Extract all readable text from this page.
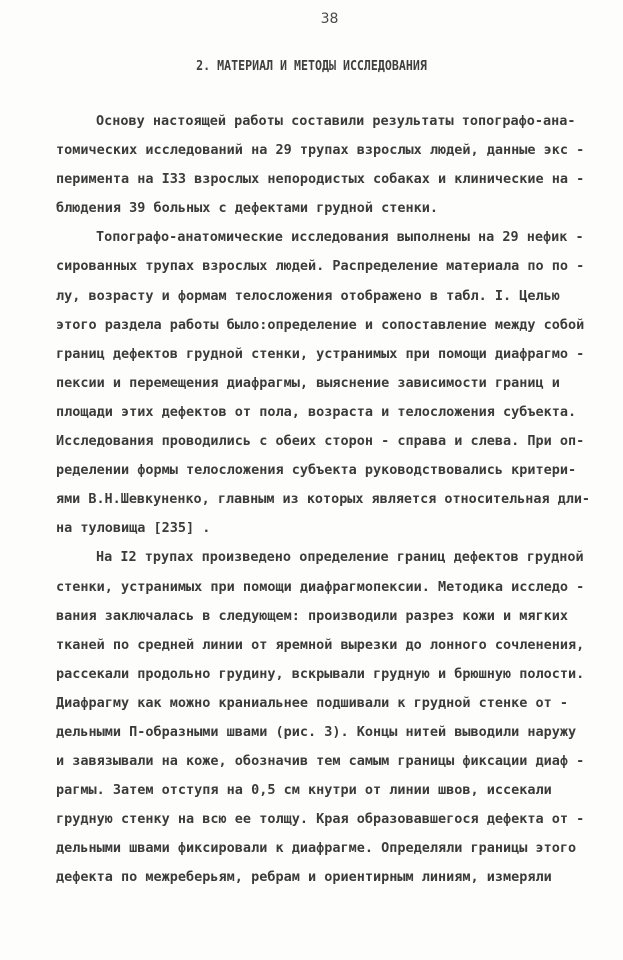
38
2. МАТЕРИАЛ И МЕТОДЫ ИССЛЕДОВАНИЯ
Основу настоящей работы составили результаты топографо-ана-
томических исследований на 29 трупах взрослых людей, данные экс -
перимента на I33 взрослых непородистых собаках и клинические на -
блюдения 39 больных с дефектами грудной стенки.
Топографо-анатомические исследования выполнены на 29 нефик -
сированных трупах взрослых людей. Распределение материала по по -
лу, возрасту и формам телосложения отображено в табл. I. Целью
этого раздела работы было:определение и сопоставление между собой
границ дефектов грудной стенки, устранимых при помощи диафрагмо -
пексии и перемещения диафрагмы, выяснение зависимости границ и
площади этих дефектов от пола, возраста и телосложения субъекта.
Исследования проводились с обеих сторон - справа и слева. При оп-
ределении формы телосложения субъекта руководствовались критери-
ями В.Н.Шевкуненко, главным из которых является относительная дли-
на туловища [235] .
На I2 трупах произведено определение границ дефектов грудной
стенки, устранимых при помощи диафрагмопексии. Методика исследо -
вания заключалась в следующем: производили разрез кожи и мягких
тканей по средней линии от яремной вырезки до лонного сочленения,
рассекали продольно грудину, вскрывали грудную и брюшную полости.
Диафрагму как можно краниальнее подшивали к грудной стенке от -
дельными П-образными швами (рис. 3). Концы нитей выводили наружу
и завязывали на коже, обозначив тем самым границы фиксации диаф -
рагмы. Затем отступя на 0,5 см кнутри от линии швов, иссекали
грудную стенку на всю ее толщу. Края образовавшегося дефекта от -
дельными швами фиксировали к диафрагме. Определяли границы этого
дефекта по межреберьям, ребрам и ориентирным линиям, измеряли
